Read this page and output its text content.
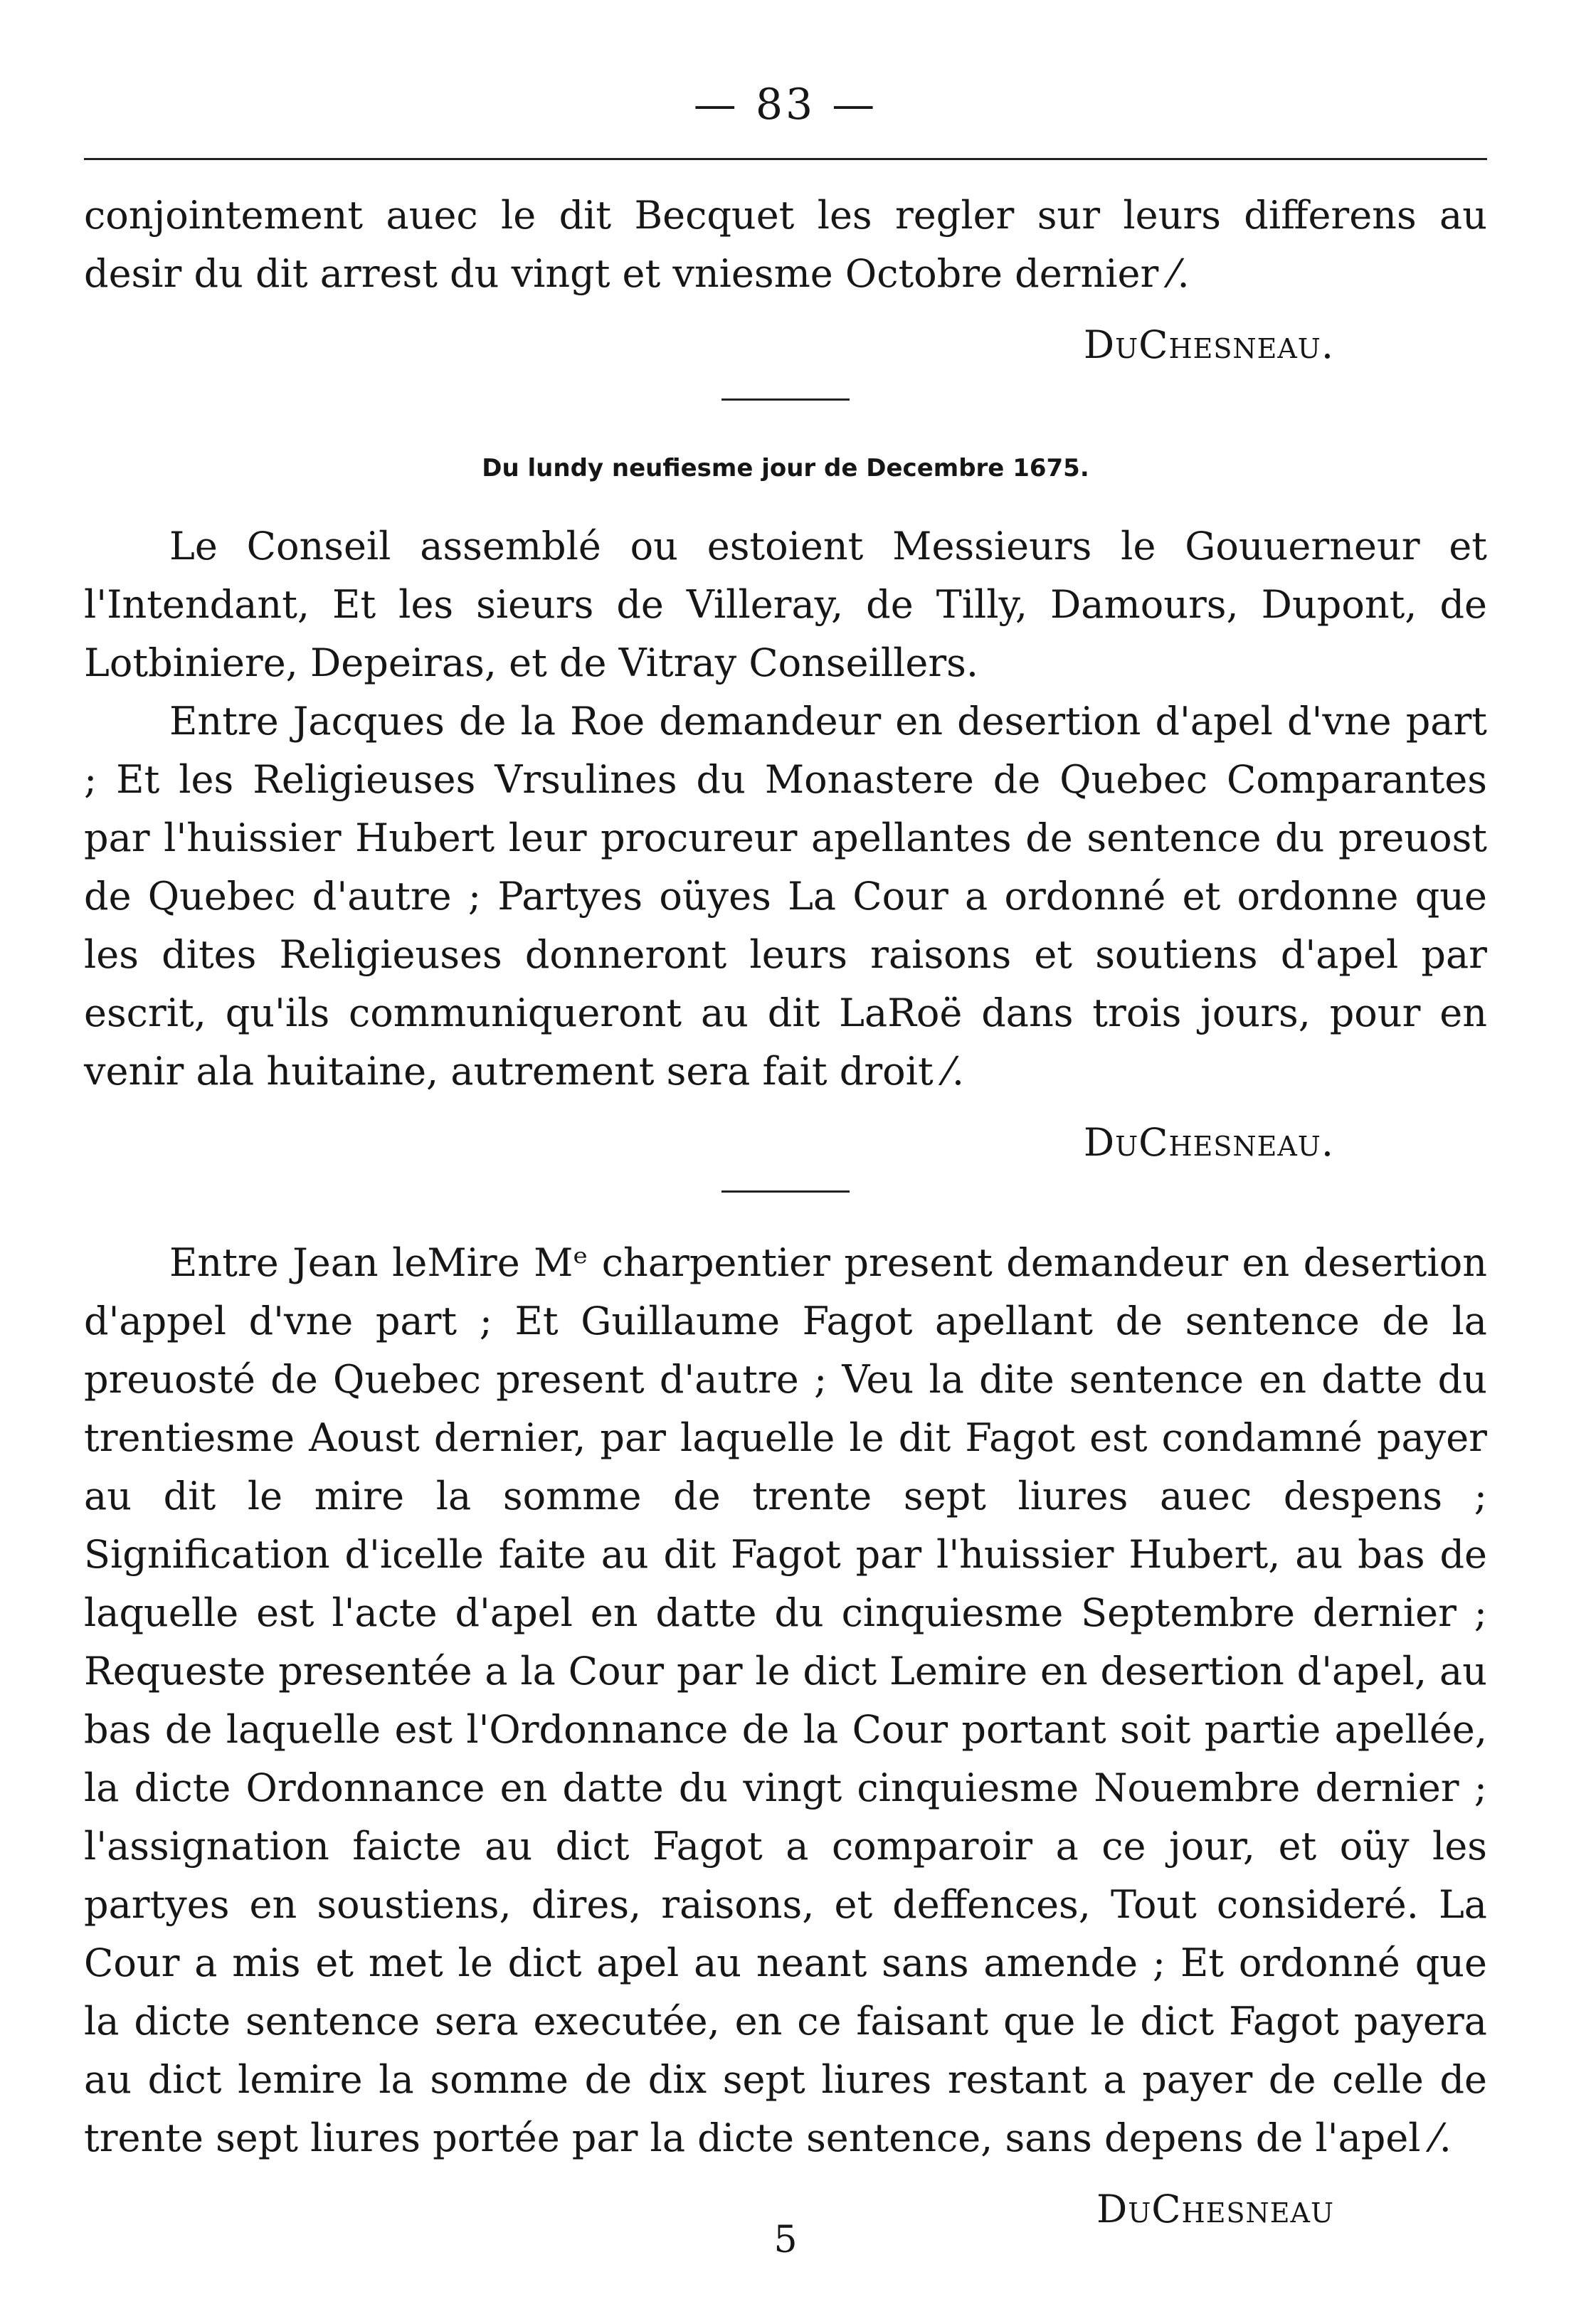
— 83 —

conjointement auec le dit Becquet les regler sur leurs differens au desir du dit arrest du vingt et vniesme Octobre dernier ⁄.

DuChesneau.

Du lundy neufiesme jour de Decembre 1675.

Le Conseil assemblé ou estoient Messieurs le Gouuerneur et l'Intendant, Et les sieurs de Villeray, de Tilly, Damours, Dupont, de Lotbiniere, Depeiras, et de Vitray Conseillers.

Entre Jacques de la Roe demandeur en desertion d'apel d'vne part ; Et les Religieuses Vrsulines du Monastere de Quebec Comparantes par l'huissier Hubert leur procureur apellantes de sentence du preuost de Quebec d'autre ; Partyes oüyes La Cour a ordonné et ordonne que les dites Religieuses donneront leurs raisons et soutiens d'apel par escrit, qu'ils communiqueront au dit LaRoë dans trois jours, pour en venir ala huitaine, autrement sera fait droit ⁄.

DuChesneau.

Entre Jean leMire Mᵉ charpentier present demandeur en desertion d'appel d'vne part ; Et Guillaume Fagot apellant de sentence de la preuosté de Quebec present d'autre ; Veu la dite sentence en datte du trentiesme Aoust dernier, par laquelle le dit Fagot est condamné payer au dit le mire la somme de trente sept liures auec despens ; Signification d'icelle faite au dit Fagot par l'huissier Hubert, au bas de laquelle est l'acte d'apel en datte du cinquiesme Septembre dernier ; Requeste presentée a la Cour par le dict Lemire en desertion d'apel, au bas de laquelle est l'Ordonnance de la Cour portant soit partie apellée, la dicte Ordonnance en datte du vingt cinquiesme Nouembre dernier ; l'assignation faicte au dict Fagot a comparoir a ce jour, et oüy les partyes en soustiens, dires, raisons, et deffences, Tout consideré. La Cour a mis et met le dict apel au neant sans amende ; Et ordonné que la dicte sentence sera executée, en ce faisant que le dict Fagot payera au dict lemire la somme de dix sept liures restant a payer de celle de trente sept liures portée par la dicte sentence, sans depens de l'apel ⁄.

DuChesneau

5
